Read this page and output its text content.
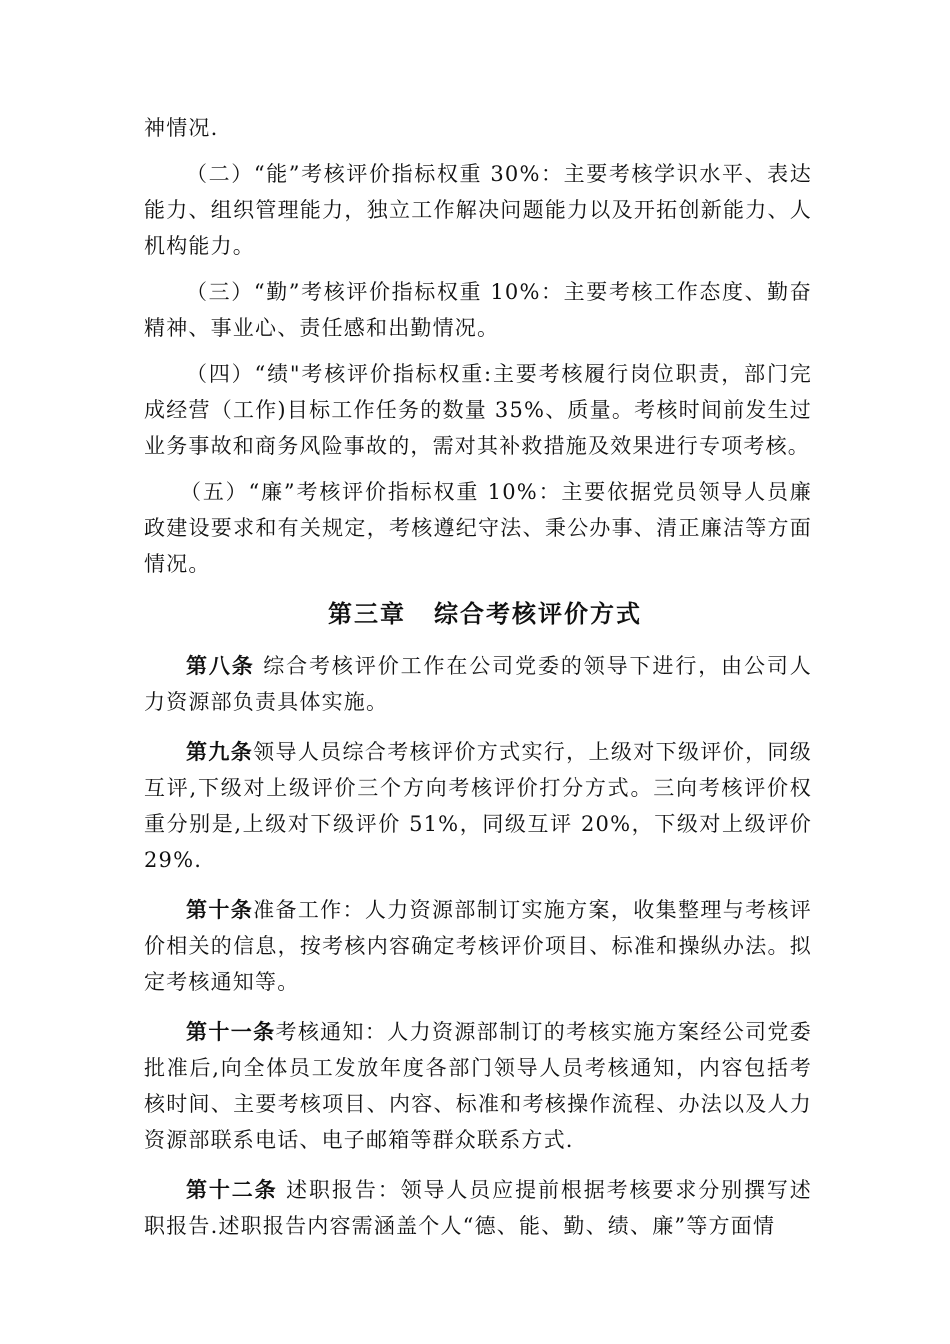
神情况.

（二）“能”考核评价指标权重 30%：主要考核学识水平、表达能力、组织管理能力，独立工作解决问题能力以及开拓创新能力、人机构能力。

（三）“勤”考核评价指标权重 10%：主要考核工作态度、勤奋精神、事业心、责任感和出勤情况。

（四）“绩"考核评价指标权重:主要考核履行岗位职责，部门完成经营（工作)目标工作任务的数量 35%、质量。考核时间前发生过业务事故和商务风险事故的，需对其补救措施及效果进行专项考核。

（五）“廉”考核评价指标权重 10%：主要依据党员领导人员廉政建设要求和有关规定，考核遵纪守法、秉公办事、清正廉洁等方面情况。

第三章 综合考核评价方式

第八条 综合考核评价工作在公司党委的领导下进行，由公司人力资源部负责具体实施。

第九条领导人员综合考核评价方式实行，上级对下级评价，同级互评,下级对上级评价三个方向考核评价打分方式。三向考核评价权重分别是,上级对下级评价 51%，同级互评 20%，下级对上级评价 29%.

第十条准备工作：人力资源部制订实施方案，收集整理与考核评价相关的信息，按考核内容确定考核评价项目、标准和操纵办法。拟定考核通知等。

第十一条考核通知：人力资源部制订的考核实施方案经公司党委批准后,向全体员工发放年度各部门领导人员考核通知，内容包括考核时间、主要考核项目、内容、标准和考核操作流程、办法以及人力资源部联系电话、电子邮箱等群众联系方式.

第十二条 述职报告：领导人员应提前根据考核要求分别撰写述职报告.述职报告内容需涵盖个人“德、能、勤、绩、廉”等方面情
